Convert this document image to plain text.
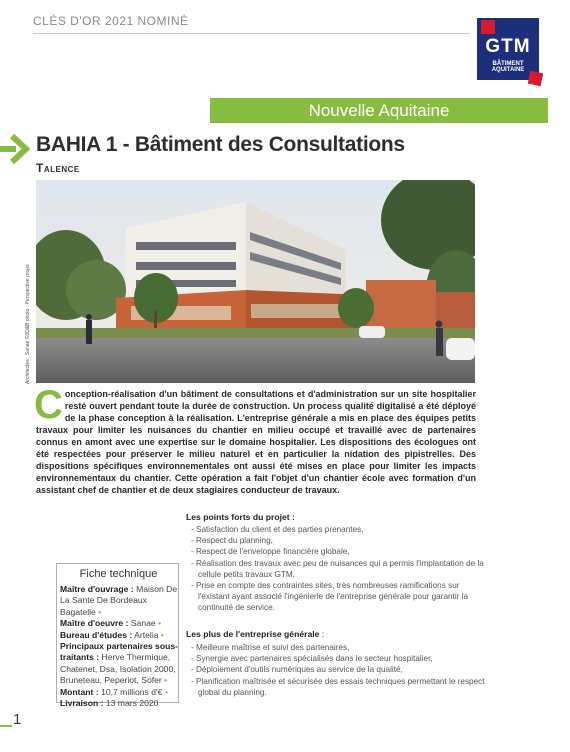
CLÉS D'OR 2021 NOMINÉ
GTM
BÂTIMENT AQUITAINE
Nouvelle Aquitaine
BAHIA 1 - Bâtiment des Consultations
Talence
Architectes : Sanaé ©3D&B photo : Perspective projet
C onception-réalisation d'un bâtiment de consultations et d'administration sur un site hospitalier resté ouvert pendant toute la durée de construction. Un process qualité digitalisé a été déployé de la phase conception à la réalisation. L'entreprise générale a mis en place des équipes petits travaux pour limiter les nuisances du chantier en milieu occupé et travaillé avec de partenaires connus en amont avec une expertise sur le domaine hospitalier. Les dispositions des écologues ont été respectées pour préserver le milieu naturel et en particulier la nidation des pipistrelles. Des dispositions spécifiques environnementales ont aussi été mises en place pour limiter les impacts environnementaux du chantier. Cette opération a fait l'objet d'un chantier école avec formation d'un assistant chef de chantier et de deux stagiaires conducteur de travaux.
Fiche technique
Maître d'ouvrage : Maison De La Sante De Bordeaux Bagatelle •
Maître d'oeuvre : Sanae •
Bureau d'études : Artelia •
Principaux partenaires sous-traitants : Herve Thermique, Chatenet, Dsa, Isolation 2000, Bruneteau, Peperiot, Sofer •
Montant : 10,7 millions d'€ •
Livraison : 13 mars 2020
Les points forts du projet :
- Satisfaction du client et des parties prenantes,
- Respect du planning,
- Respect de l'enveloppe financière globale,
- Réalisation des travaux avec peu de nuisances qui a permis l'implantation de la cellule petits travaux GTM,
- Prise en compte des contraintes sites, très nombreuses ramifications sur l'existant ayant associé l'ingénierie de l'entreprise générale pour garantir la continuité de service.
Les plus de l'entreprise générale :
- Meilleure maîtrise et suivi des partenaires,
- Synergie avec partenaires spécialisés dans le secteur hospitalier,
- Déploiement d'outils numériques au service de la qualité,
- Planification maîtrisée et sécurisée des essais techniques permettant le respect global du planning.
1
